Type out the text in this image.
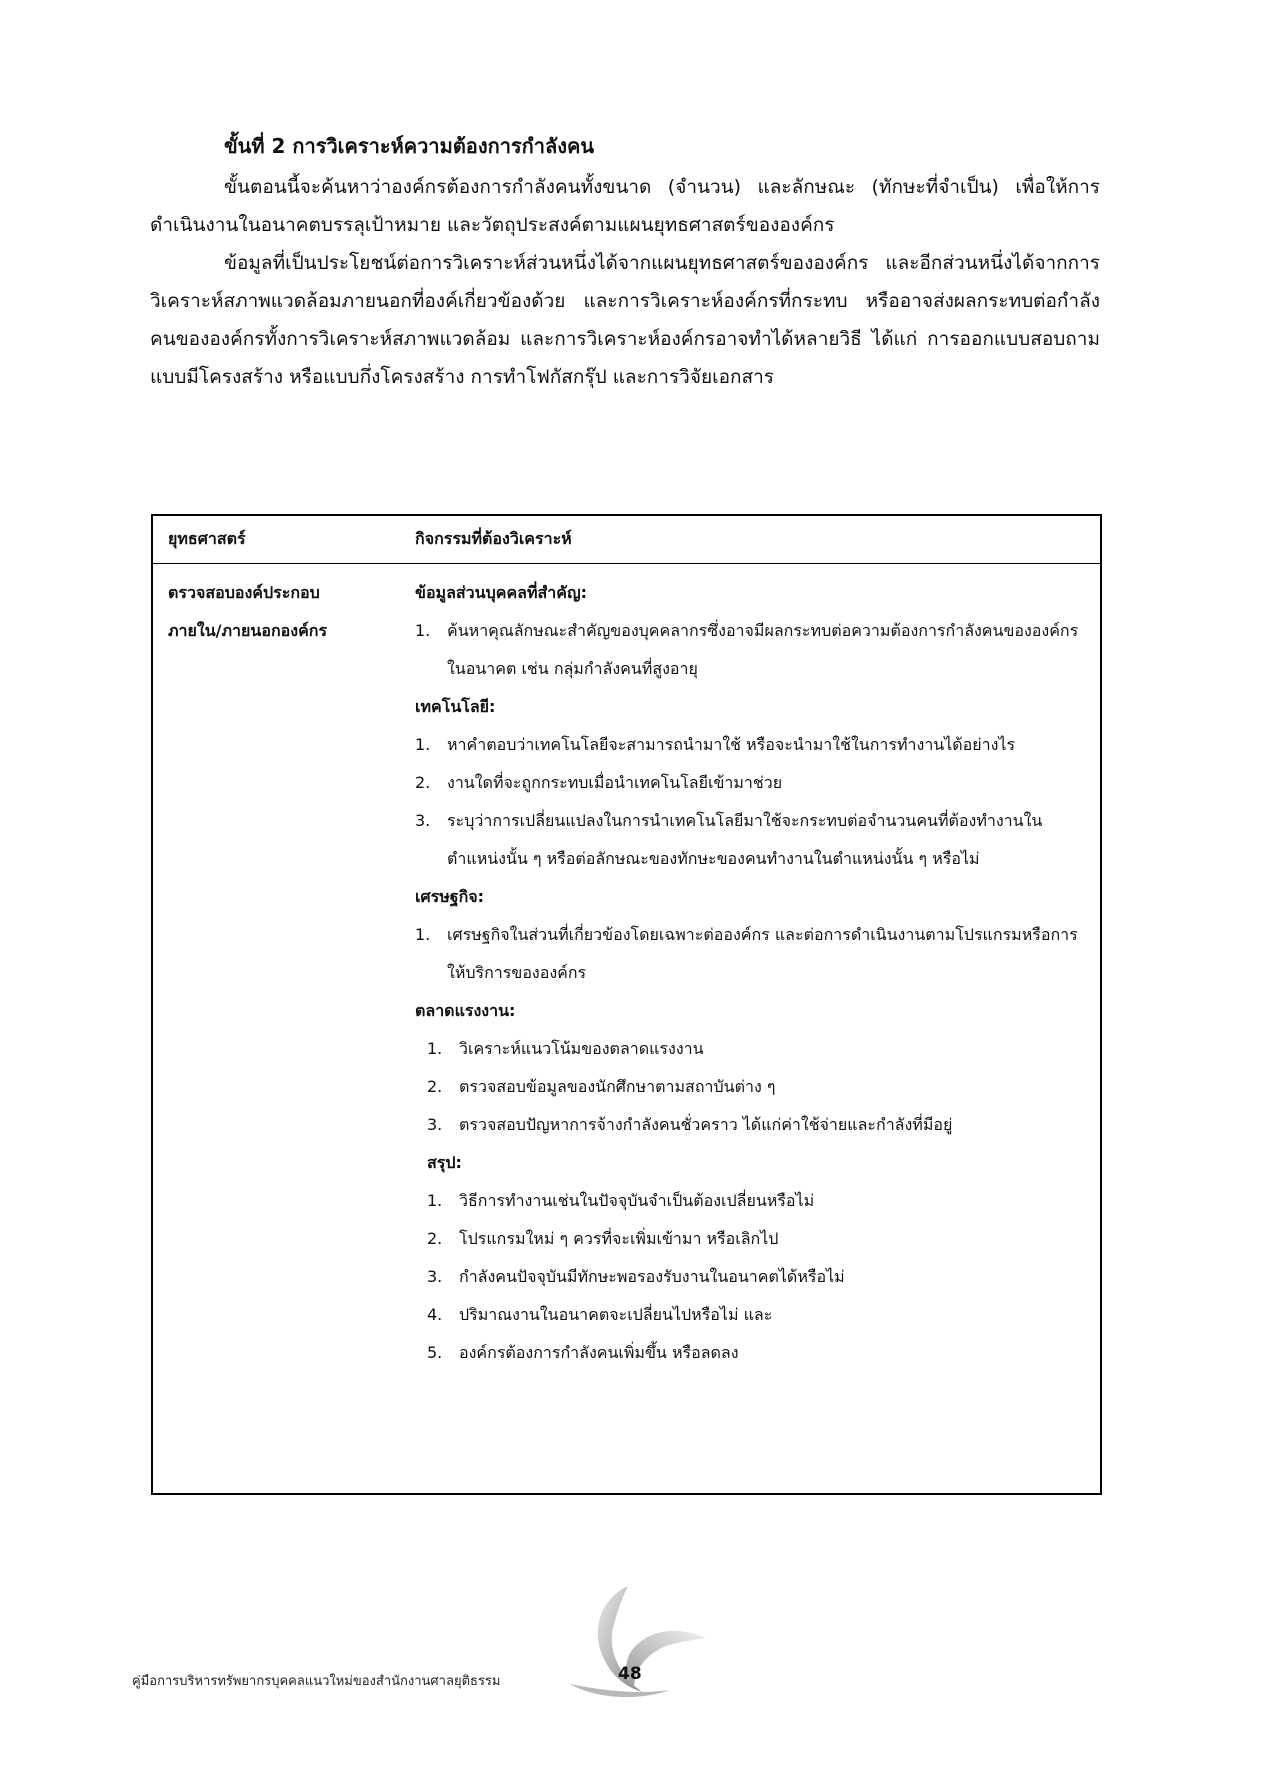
ขั้นที่ 2 การวิเคราะห์ความต้องการกำลังคน

ขั้นตอนนี้จะค้นหาว่าองค์กรต้องการกำลังคนทั้งขนาด (จำนวน) และลักษณะ (ทักษะที่จำเป็น) เพื่อให้การดำเนินงานในอนาคตบรรลุเป้าหมาย และวัตถุประสงค์ตามแผนยุทธศาสตร์ขององค์กร

ข้อมูลที่เป็นประโยชน์ต่อการวิเคราะห์ส่วนหนึ่งได้จากแผนยุทธศาสตร์ขององค์กร และอีกส่วนหนึ่งได้จากการวิเคราะห์สภาพแวดล้อมภายนอกที่องค์เกี่ยวข้องด้วย และการวิเคราะห์องค์กรที่กระทบ หรืออาจส่งผลกระทบต่อกำลังคนขององค์กรทั้งการวิเคราะห์สภาพแวดล้อม และการวิเคราะห์องค์กรอาจทำได้หลายวิธี ได้แก่ การออกแบบสอบถามแบบมีโครงสร้าง หรือแบบกึ่งโครงสร้าง การทำโฟกัสกรุ๊ป และการวิจัยเอกสาร

ยุทธศาสตร์	กิจกรรมที่ต้องวิเคราะห์
ตรวจสอบองค์ประกอบ
ภายใน/ภายนอกองค์กร

ข้อมูลส่วนบุคคลที่สำคัญ:

1. ค้นหาคุณลักษณะสำคัญของบุคคลากรซึ่งอาจมีผลกระทบต่อความต้องการกำลังคนขององค์กรในอนาคต เช่น กลุ่มกำลังคนที่สูงอายุ

เทคโนโลยี:

1. หาคำตอบว่าเทคโนโลยีจะสามารถนำมาใช้ หรือจะนำมาใช้ในการทำงานได้อย่างไร

2. งานใดที่จะถูกกระทบเมื่อนำเทคโนโลยีเข้ามาช่วย

3. ระบุว่าการเปลี่ยนแปลงในการนำเทคโนโลยีมาใช้จะกระทบต่อจำนวนคนที่ต้องทำงานในตำแหน่งนั้น ๆ หรือต่อลักษณะของทักษะของคนทำงานในตำแหน่งนั้น ๆ หรือไม่

เศรษฐกิจ:

1. เศรษฐกิจในส่วนที่เกี่ยวข้องโดยเฉพาะต่อองค์กร และต่อการดำเนินงานตามโปรแกรมหรือการให้บริการขององค์กร

ตลาดแรงงาน:

1. วิเคราะห์แนวโน้มของตลาดแรงงาน

2. ตรวจสอบข้อมูลของนักศึกษาตามสถาบันต่าง ๆ

3. ตรวจสอบปัญหาการจ้างกำลังคนชั่วคราว ได้แก่ค่าใช้จ่ายและกำลังที่มีอยู่

สรุป:

1. วิธีการทำงานเช่นในปัจจุบันจำเป็นต้องเปลี่ยนหรือไม่

2. โปรแกรมใหม่ ๆ ควรที่จะเพิ่มเข้ามา หรือเลิกไป

3. กำลังคนปัจจุบันมีทักษะพอรองรับงานในอนาคตได้หรือไม่

4. ปริมาณงานในอนาคตจะเปลี่ยนไปหรือไม่ และ

5. องค์กรต้องการกำลังคนเพิ่มขึ้น หรือลดลง

คู่มือการบริหารทรัพยากรบุคคลแนวใหม่ของสำนักงานศาลยุติธรรม	48
